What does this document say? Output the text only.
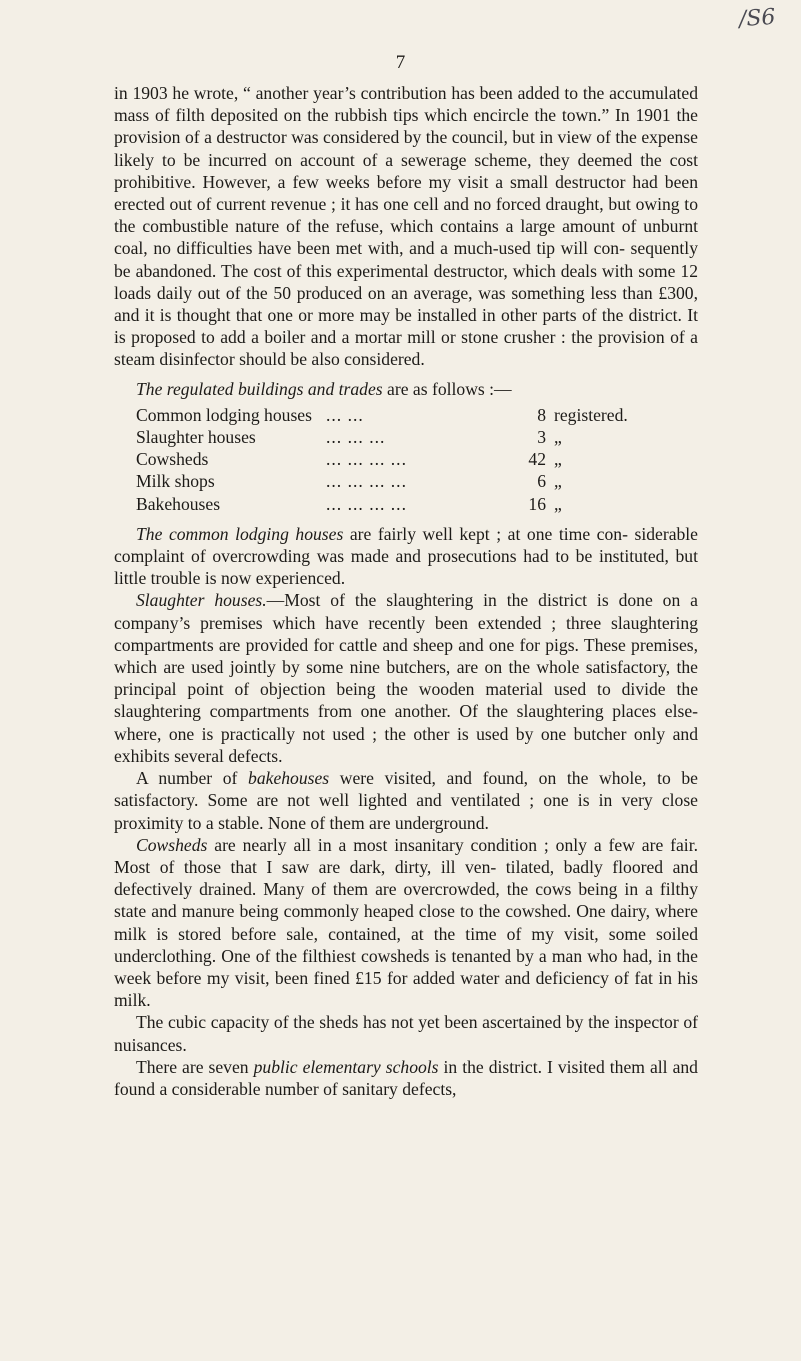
/S6
7

in 1903 he wrote, “ another year’s contribution has been added to the accumulated mass of filth deposited on the rubbish tips which encircle the town.” In 1901 the provision of a destructor was considered by the council, but in view of the expense likely to be incurred on account of a sewerage scheme, they deemed the cost prohibitive. However, a few weeks before my visit a small destructor had been erected out of current revenue ; it has one cell and no forced draught, but owing to the combustible nature of the refuse, which contains a large amount of unburnt coal, no difficulties have been met with, and a much-used tip will con- sequently be abandoned. The cost of this experimental destructor, which deals with some 12 loads daily out of the 50 produced on an average, was something less than £300, and it is thought that one or more may be installed in other parts of the district. It is proposed to add a boiler and a mortar mill or stone crusher : the provision of a steam disinfector should be also considered.

The regulated buildings and trades are as follows :—

Common lodging houses	... ...	8	registered.
Slaughter houses	... ... ...	3	„
Cowsheds	... ... ... ...	42	„
Milk shops	... ... ... ...	6	„
Bakehouses	... ... ... ...	16	„

The common lodging houses are fairly well kept ; at one time con- siderable complaint of overcrowding was made and prosecutions had to be instituted, but little trouble is now experienced.

Slaughter houses.—Most of the slaughtering in the district is done on a company’s premises which have recently been extended ; three slaughtering compartments are provided for cattle and sheep and one for pigs. These premises, which are used jointly by some nine butchers, are on the whole satisfactory, the principal point of objection being the wooden material used to divide the slaughtering compartments from one another. Of the slaughtering places else- where, one is practically not used ; the other is used by one butcher only and exhibits several defects.

A number of bakehouses were visited, and found, on the whole, to be satisfactory. Some are not well lighted and ventilated ; one is in very close proximity to a stable. None of them are underground.

Cowsheds are nearly all in a most insanitary condition ; only a few are fair. Most of those that I saw are dark, dirty, ill ven- tilated, badly floored and defectively drained. Many of them are overcrowded, the cows being in a filthy state and manure being commonly heaped close to the cowshed. One dairy, where milk is stored before sale, contained, at the time of my visit, some soiled underclothing. One of the filthiest cowsheds is tenanted by a man who had, in the week before my visit, been fined £15 for added water and deficiency of fat in his milk.

The cubic capacity of the sheds has not yet been ascertained by the inspector of nuisances.

There are seven public elementary schools in the district. I visited them all and found a considerable number of sanitary defects,
